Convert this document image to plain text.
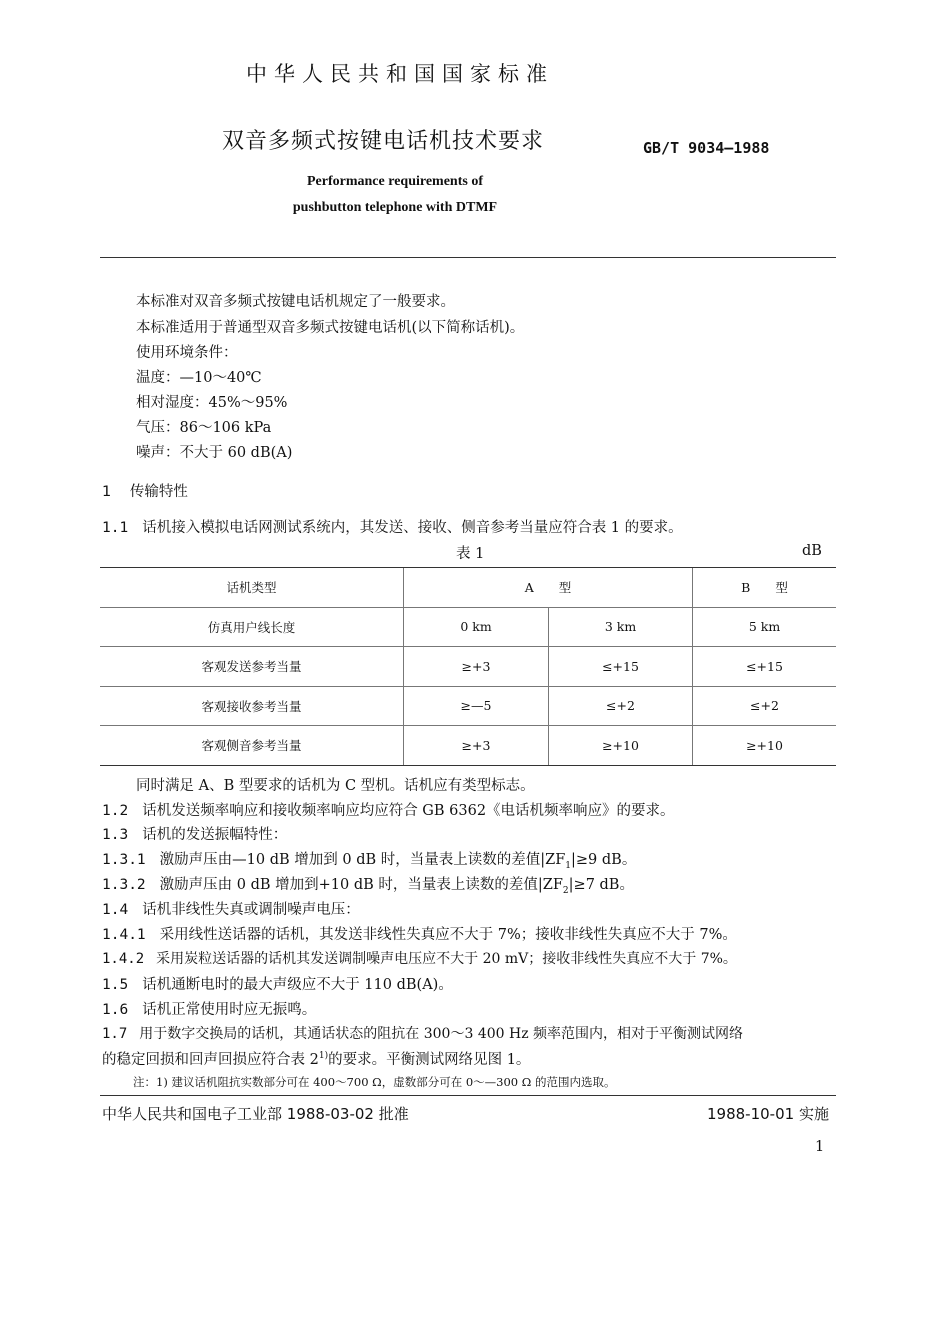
中华人民共和国国家标准
双音多频式按键电话机技术要求	GB/T 9034—1988
Performance requirements of
pushbutton telephone with DTMF
本标准对双音多频式按键电话机规定了一般要求。
本标准适用于普通型双音多频式按键电话机(以下简称话机)。
使用环境条件：
温度：—10～40℃
相对湿度：45%～95%
气压：86～106 kPa
噪声：不大于 60 dB(A)
1 传输特性
1.1 话机接入模拟电话网测试系统内，其发送、接收、侧音参考当量应符合表 1 的要求。
表 1	dB
话机类型	A　　型		B　　型
仿真用户线长度	0 km	3 km	5 km
客观发送参考当量	≥+3	≤+15	≤+15
客观接收参考当量	≥—5	≤+2	≤+2
客观侧音参考当量	≥+3	≥+10	≥+10
同时满足 A、B 型要求的话机为 C 型机。话机应有类型标志。
1.2 话机发送频率响应和接收频率响应均应符合 GB 6362《电话机频率响应》的要求。
1.3 话机的发送振幅特性：
1.3.1 激励声压由—10 dB 增加到 0 dB 时，当量表上读数的差值$|ZF_1|\ge 9$ dB。
1.3.2 激励声压由 0 dB 增加到+10 dB 时，当量表上读数的差值$|ZF_2|\ge 7$ dB。
1.4 话机非线性失真或调制噪声电压：
1.4.1 采用线性送话器的话机，其发送非线性失真应不大于 7%；接收非线性失真应不大于 7%。
1.4.2 采用炭粒送话器的话机其发送调制噪声电压应不大于 20 mV；接收非线性失真应不大于 7%。
1.5 话机通断电时的最大声级应不大于 110 dB(A)。
1.6 话机正常使用时应无振鸣。
1.7 用于数字交换局的话机，其通话状态的阻抗在 300～3 400 Hz 频率范围内，相对于平衡测试网络
的稳定回损和回声回损应符合表 2$^{1)}$的要求。平衡测试网络见图 1。
注：1) 建议话机阻抗实数部分可在 400～700 Ω，虚数部分可在 0～—300 Ω 的范围内选取。
中华人民共和国电子工业部 1988-03-02 批准	1988-10-01 实施
1
